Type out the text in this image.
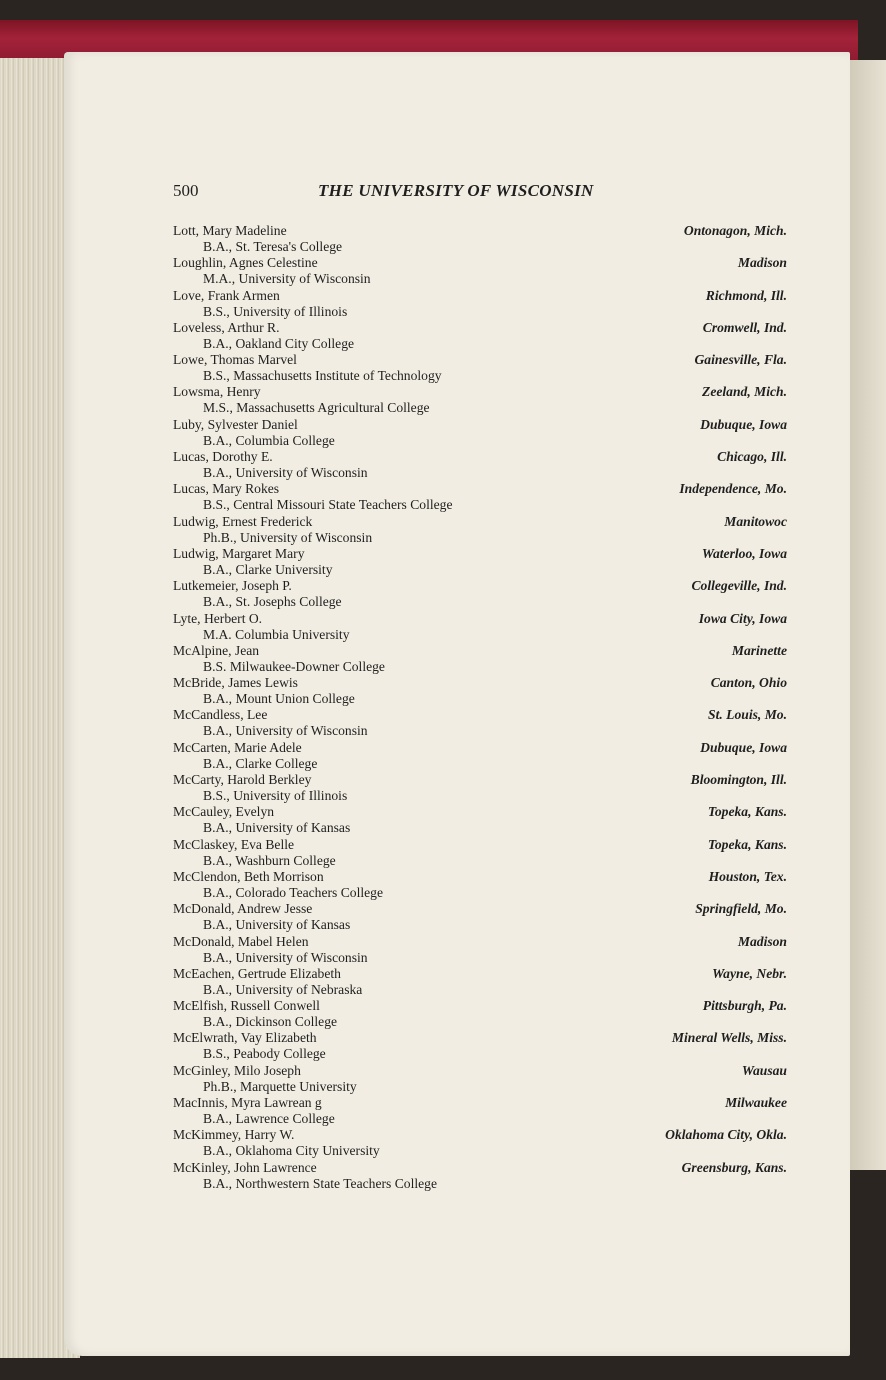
500	THE UNIVERSITY OF WISCONSIN
Lott, Mary Madeline
B.A., St. Teresa's College
Ontonagon, Mich.
Loughlin, Agnes Celestine
M.A., University of Wisconsin
Madison
Love, Frank Armen
B.S., University of Illinois
Richmond, Ill.
Loveless, Arthur R.
B.A., Oakland City College
Cromwell, Ind.
Lowe, Thomas Marvel
B.S., Massachusetts Institute of Technology
Gainesville, Fla.
Lowsma, Henry
M.S., Massachusetts Agricultural College
Zeeland, Mich.
Luby, Sylvester Daniel
B.A., Columbia College
Dubuque, Iowa
Lucas, Dorothy E.
B.A., University of Wisconsin
Chicago, Ill.
Lucas, Mary Rokes
B.S., Central Missouri State Teachers College
Independence, Mo.
Ludwig, Ernest Frederick
Ph.B., University of Wisconsin
Manitowoc
Ludwig, Margaret Mary
B.A., Clarke University
Waterloo, Iowa
Lutkemeier, Joseph P.
B.A., St. Josephs College
Collegeville, Ind.
Lyte, Herbert O.
M.A. Columbia University
Iowa City, Iowa
McAlpine, Jean
B.S. Milwaukee-Downer College
Marinette
McBride, James Lewis
B.A., Mount Union College
Canton, Ohio
McCandless, Lee
B.A., University of Wisconsin
St. Louis, Mo.
McCarten, Marie Adele
B.A., Clarke College
Dubuque, Iowa
McCarty, Harold Berkley
B.S., University of Illinois
Bloomington, Ill.
McCauley, Evelyn
B.A., University of Kansas
Topeka, Kans.
McClaskey, Eva Belle
B.A., Washburn College
Topeka, Kans.
McClendon, Beth Morrison
B.A., Colorado Teachers College
Houston, Tex.
McDonald, Andrew Jesse
B.A., University of Kansas
Springfield, Mo.
McDonald, Mabel Helen
B.A., University of Wisconsin
Madison
McEachen, Gertrude Elizabeth
B.A., University of Nebraska
Wayne, Nebr.
McElfish, Russell Conwell
B.A., Dickinson College
Pittsburgh, Pa.
McElwrath, Vay Elizabeth
B.S., Peabody College
Mineral Wells, Miss.
McGinley, Milo Joseph
Ph.B., Marquette University
Wausau
MacInnis, Myra Lawrean g
B.A., Lawrence College
Milwaukee
McKimmey, Harry W.
B.A., Oklahoma City University
Oklahoma City, Okla.
McKinley, John Lawrence
B.A., Northwestern State Teachers College
Greensburg, Kans.
